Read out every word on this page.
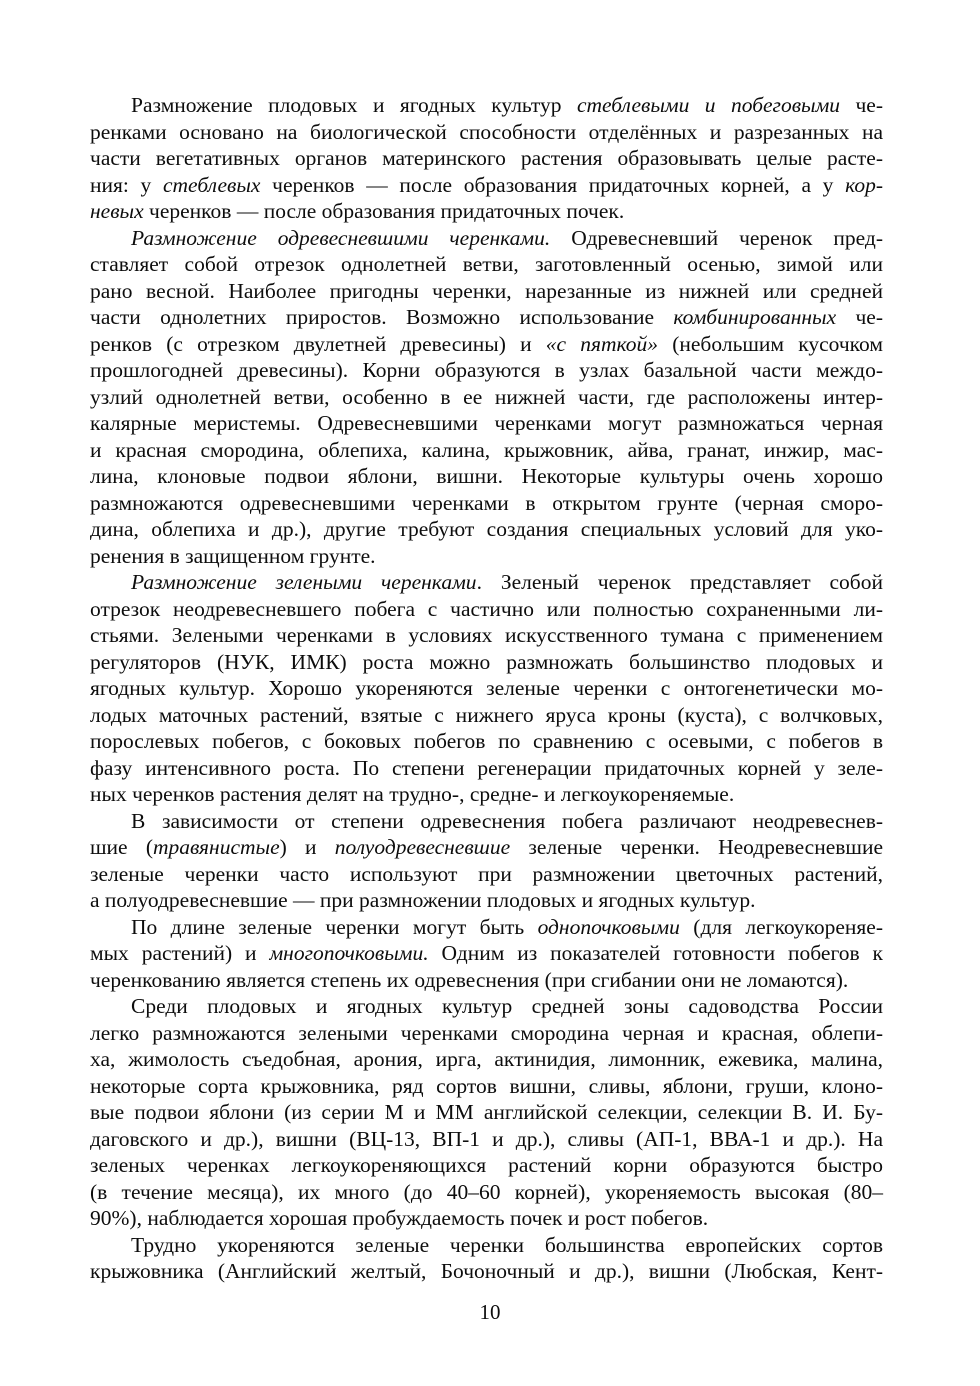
Размножение плодовых и ягодных культур стеблевыми и побеговыми че-
ренками основано на биологической способности отделённых и разрезанных на
части вегетативных органов материнского растения образовывать целые расте-
ния: у стеблевых черенков — после образования придаточных корней, а у кор-
невых черенков — после образования придаточных почек.
Размножение одревесневшими черенками. Одревесневший черенок пред-
ставляет собой отрезок однолетней ветви, заготовленный осенью, зимой или
рано весной. Наиболее пригодны черенки, нарезанные из нижней или средней
части однолетних приростов. Возможно использование комбинированных че-
ренков (с отрезком двулетней древесины) и «с пяткой» (небольшим кусочком
прошлогодней древесины). Корни образуются в узлах базальной части междо-
узлий однолетней ветви, особенно в ее нижней части, где расположены интер-
калярные меристемы. Одревесневшими черенками могут размножаться черная
и красная смородина, облепиха, калина, крыжовник, айва, гранат, инжир, мас-
лина, клоновые подвои яблони, вишни. Некоторые культуры очень хорошо
размножаются одревесневшими черенками в открытом грунте (черная сморо-
дина, облепиха и др.), другие требуют создания специальных условий для уко-
ренения в защищенном грунте.
Размножение зелеными черенками. Зеленый черенок представляет собой
отрезок неодревесневшего побега с частично или полностью сохраненными ли-
стьями. Зелеными черенками в условиях искусственного тумана с применением
регуляторов (НУК, ИМК) роста можно размножать большинство плодовых и
ягодных культур. Хорошо укореняются зеленые черенки с онтогенетически мо-
лодых маточных растений, взятые с нижнего яруса кроны (куста), с волчковых,
порослевых побегов, с боковых побегов по сравнению с осевыми, с побегов в
фазу интенсивного роста. По степени регенерации придаточных корней у зеле-
ных черенков растения делят на трудно-, средне- и легкоукореняемые.
В зависимости от степени одревеснения побега различают неодревеснев-
шие (травянистые) и полуодревесневшие зеленые черенки. Неодревесневшие
зеленые черенки часто используют при размножении цветочных растений,
а полуодревесневшие — при размножении плодовых и ягодных культур.
По длине зеленые черенки могут быть однопочковыми (для легкоукореняе-
мых растений) и многопочковыми. Одним из показателей готовности побегов к
черенкованию является степень их одревеснения (при сгибании они не ломаются).
Среди плодовых и ягодных культур средней зоны садоводства России
легко размножаются зелеными черенками смородина черная и красная, облепи-
ха, жимолость съедобная, арония, ирга, актинидия, лимонник, ежевика, малина,
некоторые сорта крыжовника, ряд сортов вишни, сливы, яблони, груши, клоно-
вые подвои яблони (из серии М и ММ английской селекции, селекции В. И. Бу-
даговского и др.), вишни (ВЦ-13, ВП-1 и др.), сливы (АП-1, ВВА-1 и др.). На
зеленых черенках легкоукореняющихся растений корни образуются быстро
(в течение месяца), их много (до 40–60 корней), укореняемость высокая (80–
90%), наблюдается хорошая пробуждаемость почек и рост побегов.
Трудно укореняются зеленые черенки большинства европейских сортов
крыжовника (Английский желтый, Бочоночный и др.), вишни (Любская, Кент-
10
